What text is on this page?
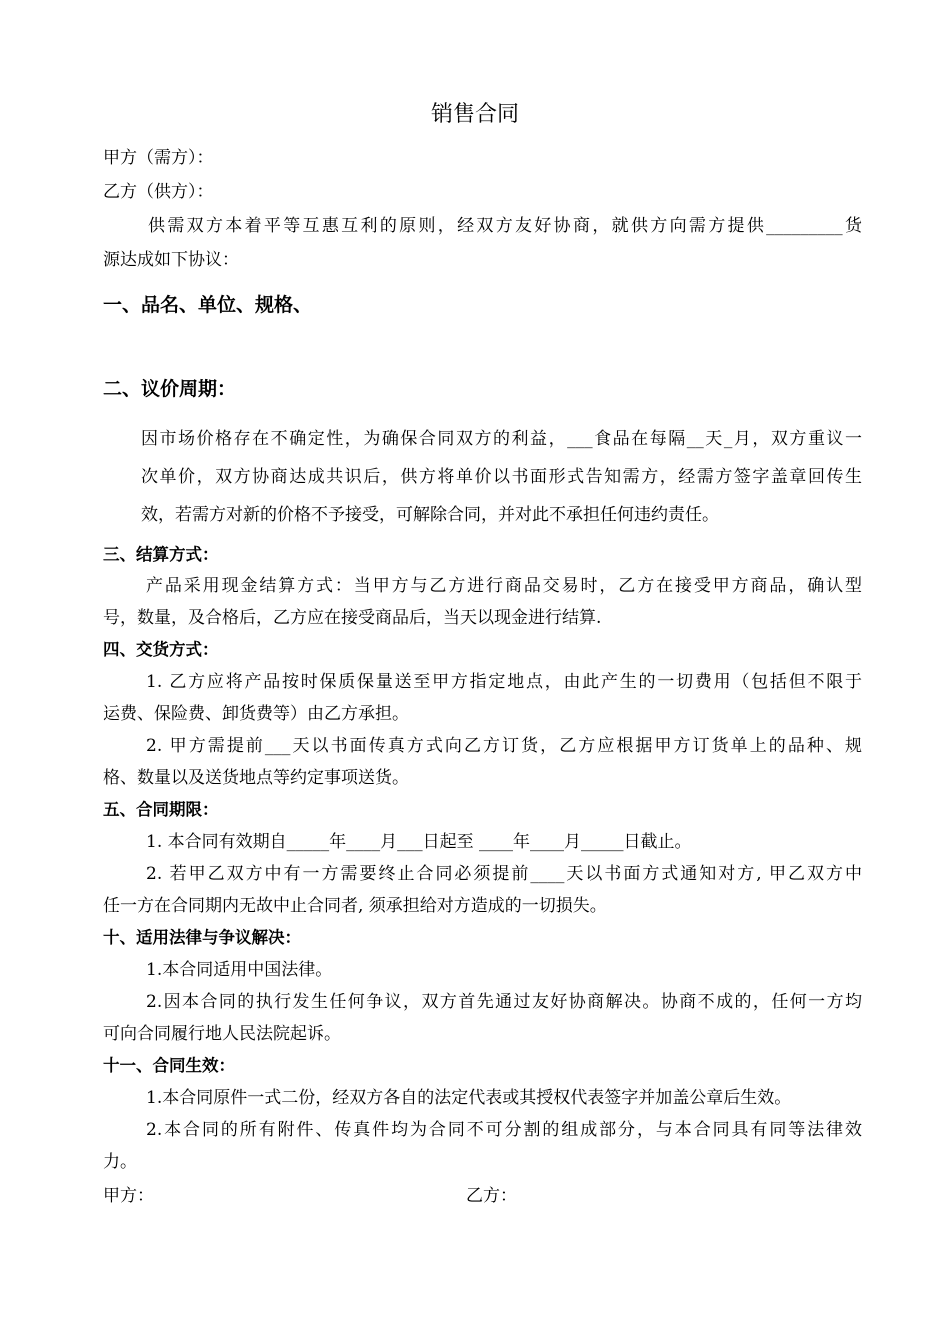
销售合同
甲方（需方）：
乙方（供方）：
供需双方本着平等互惠互利的原则，经双方友好协商，就供方向需方提供_________货
源达成如下协议：
一、品名、单位、规格、
二、议价周期：
因市场价格存在不确定性，为确保合同双方的利益，___食品在每隔__天_月，双方重议一
次单价，双方协商达成共识后，供方将单价以书面形式告知需方，经需方签字盖章回传生
效，若需方对新的价格不予接受，可解除合同，并对此不承担任何违约责任。
三、结算方式：
产品采用现金结算方式：当甲方与乙方进行商品交易时，乙方在接受甲方商品，确认型
号，数量，及合格后，乙方应在接受商品后，当天以现金进行结算.
四、交货方式：
1. 乙方应将产品按时保质保量送至甲方指定地点，由此产生的一切费用（包括但不限于
运费、保险费、卸货费等）由乙方承担。
2. 甲方需提前___天以书面传真方式向乙方订货，乙方应根据甲方订货单上的品种、规
格、数量以及送货地点等约定事项送货。
五、合同期限：
1. 本合同有效期自_____年____月___日起至 ____年____月_____日截止。
2. 若甲乙双方中有一方需要终止合同必须提前____天以书面方式通知对方, 甲乙双方中
任一方在合同期内无故中止合同者, 须承担给对方造成的一切损失。
十、适用法律与争议解决：
1.本合同适用中国法律。
2.因本合同的执行发生任何争议，双方首先通过友好协商解决。协商不成的，任何一方均
可向合同履行地人民法院起诉。
十一、合同生效：
1.本合同原件一式二份，经双方各自的法定代表或其授权代表签字并加盖公章后生效。
2.本合同的所有附件、传真件均为合同不可分割的组成部分，与本合同具有同等法律效
力。
甲方：	乙方：
